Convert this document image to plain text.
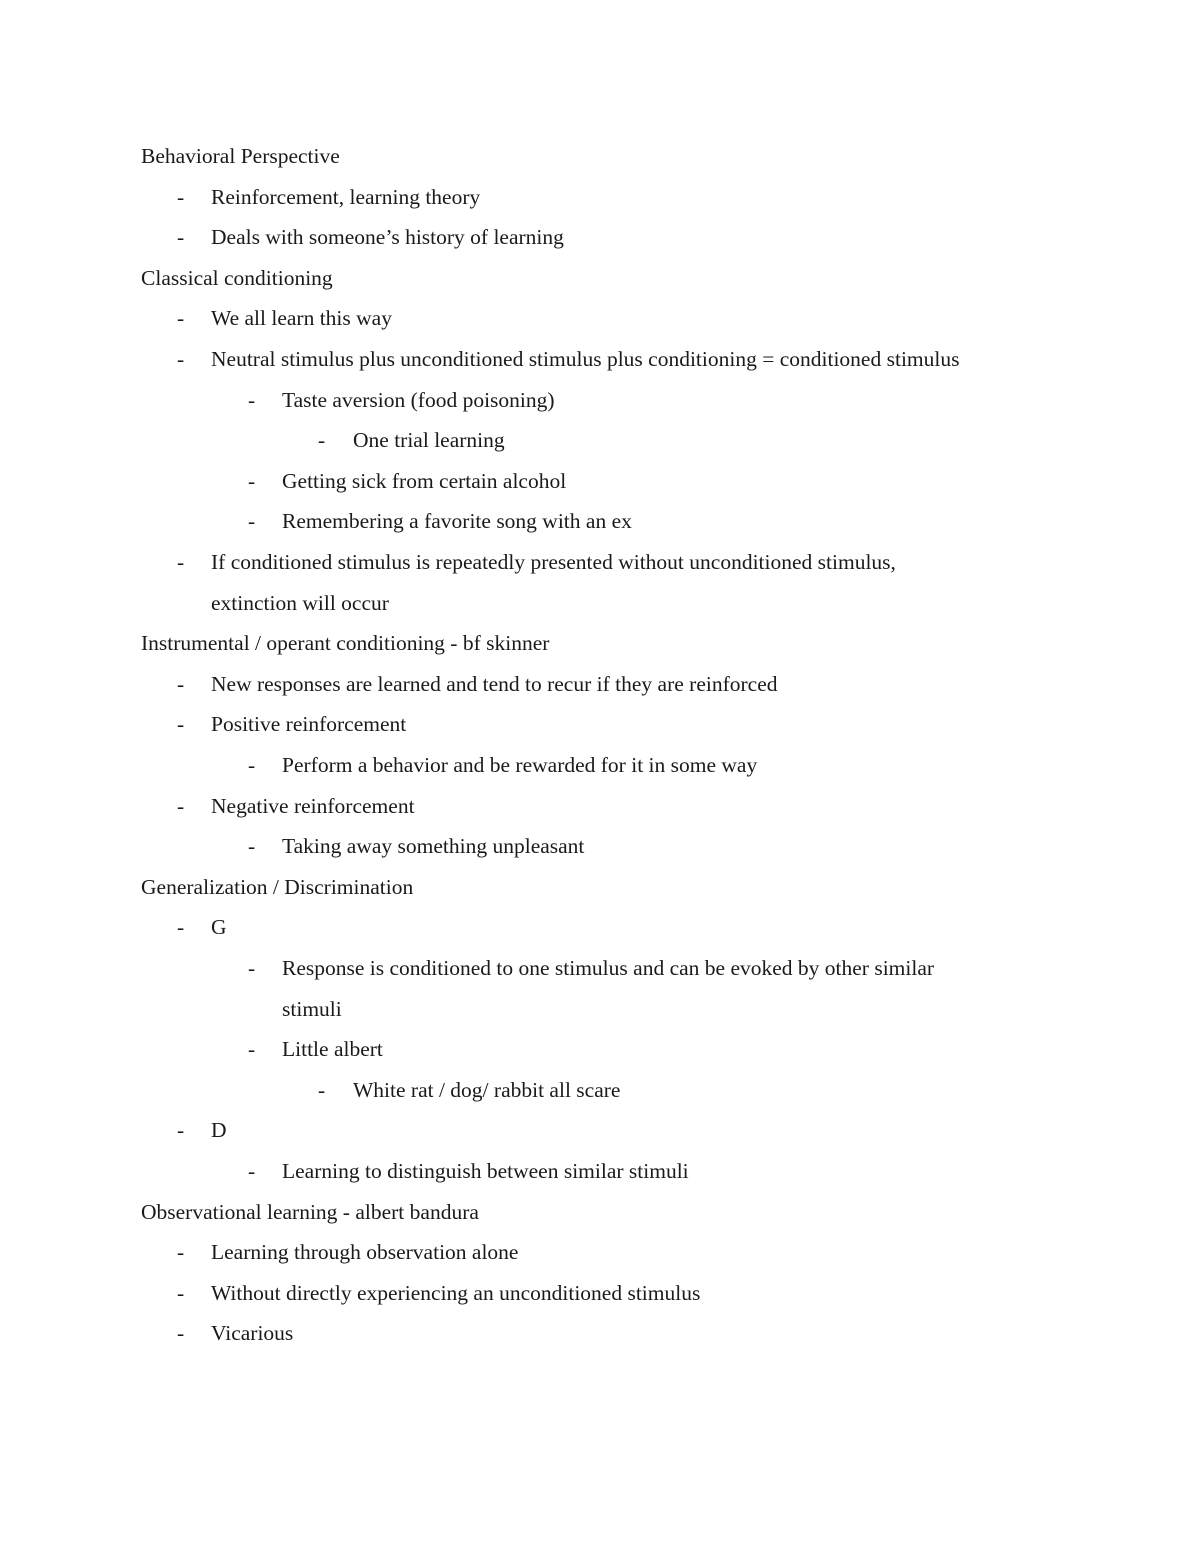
Behavioral Perspective
- Reinforcement, learning theory
- Deals with someone’s history of learning
Classical conditioning
- We all learn this way
- Neutral stimulus plus unconditioned stimulus plus conditioning = conditioned stimulus
- Taste aversion (food poisoning)
- One trial learning
- Getting sick from certain alcohol
- Remembering a favorite song with an ex
- If conditioned stimulus is repeatedly presented without unconditioned stimulus,
extinction will occur
Instrumental / operant conditioning - bf skinner
- New responses are learned and tend to recur if they are reinforced
- Positive reinforcement
- Perform a behavior and be rewarded for it in some way
- Negative reinforcement
- Taking away something unpleasant
Generalization / Discrimination
- G
- Response is conditioned to one stimulus and can be evoked by other similar
stimuli
- Little albert
- White rat / dog/ rabbit all scare
- D
- Learning to distinguish between similar stimuli
Observational learning - albert bandura
- Learning through observation alone
- Without directly experiencing an unconditioned stimulus
- Vicarious
